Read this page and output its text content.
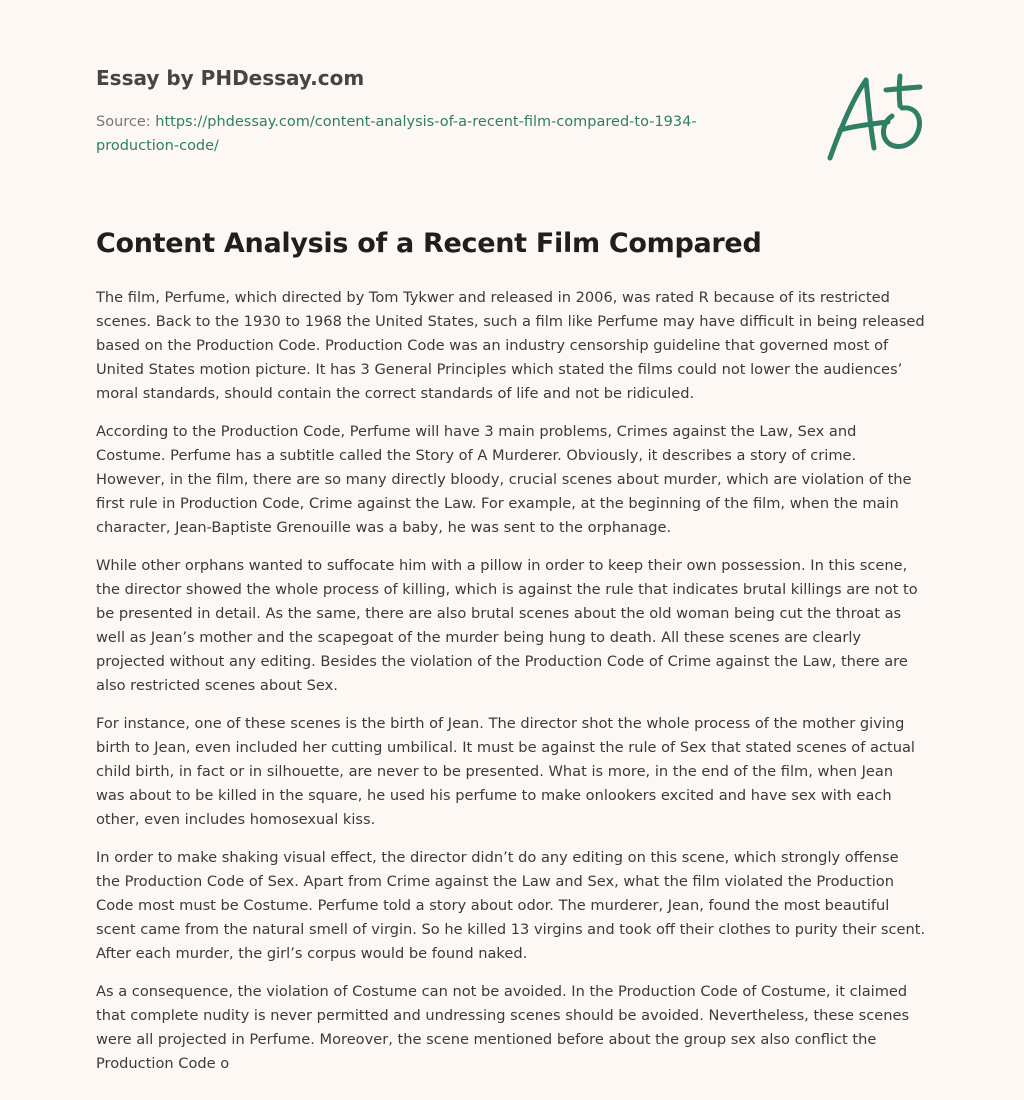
Essay by PHDessay.com
Source: https://phdessay.com/content-analysis-of-a-recent-film-compared-to-1934-production-code/
Content Analysis of a Recent Film Compared

The film, Perfume, which directed by Tom Tykwer and released in 2006, was rated R because of its restricted scenes. Back to the 1930 to 1968 the United States, such a film like Perfume may have difficult in being released based on the Production Code. Production Code was an industry censorship guideline that governed most of United States motion picture. It has 3 General Principles which stated the films could not lower the audiences’ moral standards, should contain the correct standards of life and not be ridiculed.

According to the Production Code, Perfume will have 3 main problems, Crimes against the Law, Sex and Costume. Perfume has a subtitle called the Story of A Murderer. Obviously, it describes a story of crime. However, in the film, there are so many directly bloody, crucial scenes about murder, which are violation of the first rule in Production Code, Crime against the Law. For example, at the beginning of the film, when the main character, Jean-Baptiste Grenouille was a baby, he was sent to the orphanage.

While other orphans wanted to suffocate him with a pillow in order to keep their own possession. In this scene, the director showed the whole process of killing, which is against the rule that indicates brutal killings are not to be presented in detail. As the same, there are also brutal scenes about the old woman being cut the throat as well as Jean’s mother and the scapegoat of the murder being hung to death. All these scenes are clearly projected without any editing. Besides the violation of the Production Code of Crime against the Law, there are also restricted scenes about Sex.

For instance, one of these scenes is the birth of Jean. The director shot the whole process of the mother giving birth to Jean, even included her cutting umbilical. It must be against the rule of Sex that stated scenes of actual child birth, in fact or in silhouette, are never to be presented. What is more, in the end of the film, when Jean was about to be killed in the square, he used his perfume to make onlookers excited and have sex with each other, even includes homosexual kiss.

In order to make shaking visual effect, the director didn’t do any editing on this scene, which strongly offense the Production Code of Sex. Apart from Crime against the Law and Sex, what the film violated the Production Code most must be Costume. Perfume told a story about odor. The murderer, Jean, found the most beautiful scent came from the natural smell of virgin. So he killed 13 virgins and took off their clothes to purity their scent. After each murder, the girl’s corpus would be found naked.

As a consequence, the violation of Costume can not be avoided. In the Production Code of Costume, it claimed that complete nudity is never permitted and undressing scenes should be avoided. Nevertheless, these scenes were all projected in Perfume. Moreover, the scene mentioned before about the group sex also conflict the Production Code o
